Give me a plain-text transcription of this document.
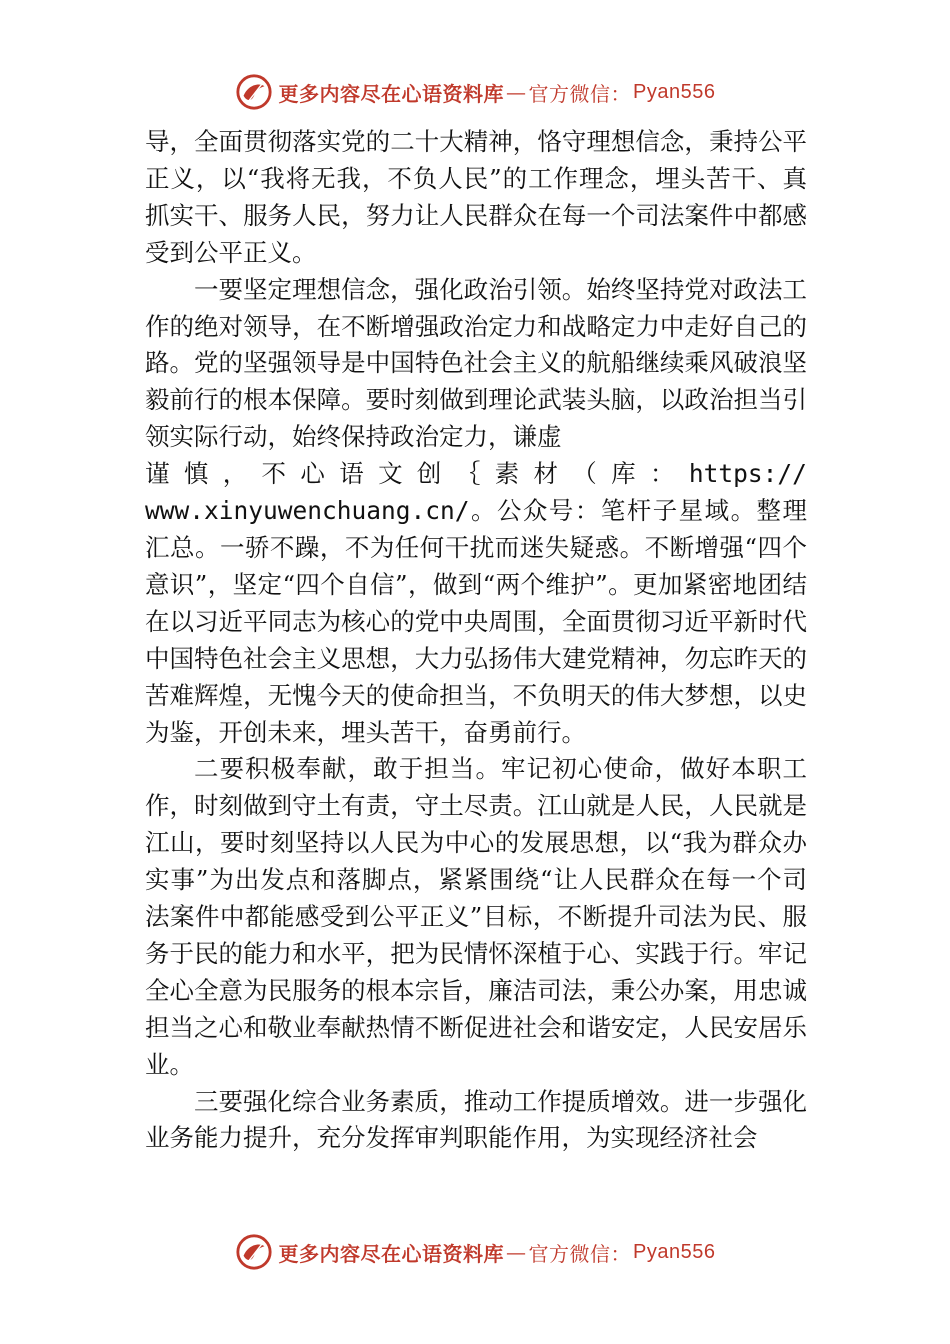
更多内容尽在心语资料库 — 官方微信： Pyan556

导，全面贯彻落实党的二十大精神，恪守理想信念，秉持公平正义，以“我将无我，不负人民”的工作理念，埋头苦干、真抓实干、服务人民，努力让人民群众在每一个司法案件中都感受到公平正义。

一要坚定理想信念，强化政治引领。始终坚持党对政法工作的绝对领导，在不断增强政治定力和战略定力中走好自己的路。党的坚强领导是中国特色社会主义的航船继续乘风破浪坚毅前行的根本保障。要时刻做到理论武装头脑，以政治担当引领实际行动，始终保持政治定力，谦虚

谨 慎 ， 不 心 语 文 创 ｛ 素 材 （ 库 ： https://

www.xinyuwenchuang.cn/。公众号：笔杆子星域。整理汇总。一骄不躁，不为任何干扰而迷失疑惑。不断增强“四个意识”，坚定“四个自信”，做到“两个维护”。更加紧密地团结在以习近平同志为核心的党中央周围，全面贯彻习近平新时代中国特色社会主义思想，大力弘扬伟大建党精神，勿忘昨天的苦难辉煌，无愧今天的使命担当，不负明天的伟大梦想，以史为鉴，开创未来，埋头苦干，奋勇前行。

二要积极奉献，敢于担当。牢记初心使命，做好本职工作，时刻做到守土有责，守土尽责。江山就是人民，人民就是江山，要时刻坚持以人民为中心的发展思想，以“我为群众办实事”为出发点和落脚点，紧紧围绕“让人民群众在每一个司法案件中都能感受到公平正义”目标，不断提升司法为民、服务于民的能力和水平，把为民情怀深植于心、实践于行。牢记全心全意为民服务的根本宗旨，廉洁司法，秉公办案，用忠诚担当之心和敬业奉献热情不断促进社会和谐安定，人民安居乐业。

三要强化综合业务素质，推动工作提质增效。进一步强化业务能力提升，充分发挥审判职能作用，为实现经济社会

更多内容尽在心语资料库 — 官方微信： Pyan556
